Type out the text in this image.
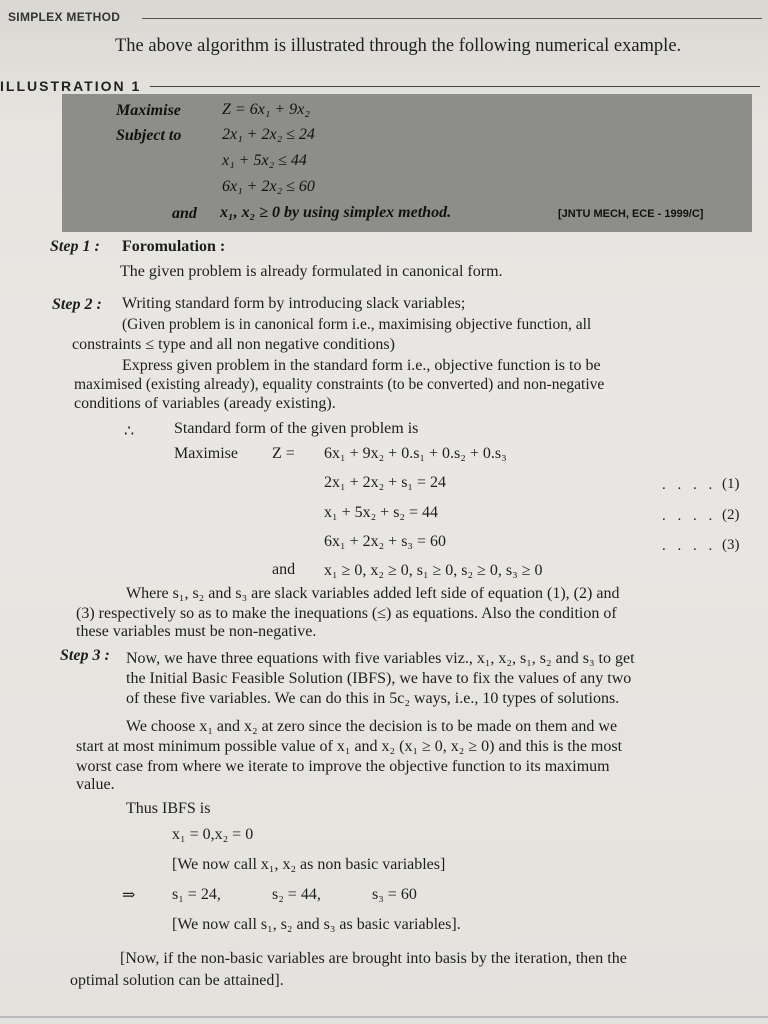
SIMPLEX METHOD
The above algorithm is illustrated through the following numerical example.
ILLUSTRATION 1
Maximise	Z = 6x₁ + 9x₂
Subject to	2x₁ + 2x₂ ≤ 24
x₁ + 5x₂ ≤ 44
6x₁ + 2x₂ ≤ 60
and x₁, x₂ ≥ 0 by using simplex method.	[JNTU MECH, ECE - 1999/C]
Step 1 : Foromulation :
The given problem is already formulated in canonical form.
Step 2 : Writing standard form by introducing slack variables;
(Given problem is in canonical form i.e., maximising objective function, all
constraints ≤ type and all non negative conditions)
Express given problem in the standard form i.e., objective function is to be
maximised (existing already), equality constraints (to be converted) and non-negative
conditions of variables (aready existing).
∴ Standard form of the given problem is
Maximise Z = 6x₁ + 9x₂ + 0.s₁ + 0.s₂ + 0.s₃
2x₁ + 2x₂ + s₁ = 24	. . . . (1)
x₁ + 5x₂ + s₂ = 44	. . . . (2)
6x₁ + 2x₂ + s₃ = 60	. . . . (3)
and x₁ ≥ 0, x₂ ≥ 0, s₁ ≥ 0, s₂ ≥ 0, s₃ ≥ 0
Where s₁, s₂ and s₃ are slack variables added left side of equation (1), (2) and
(3) respectively so as to make the inequations (≤) as equations. Also the condition of
these variables must be non-negative.
Step 3 : Now, we have three equations with five variables viz., x₁, x₂, s₁, s₂ and s₃ to get
the Initial Basic Feasible Solution (IBFS), we have to fix the values of any two
of these five variables. We can do this in 5c₂ ways, i.e., 10 types of solutions.
We choose x₁ and x₂ at zero since the decision is to be made on them and we
start at most minimum possible value of x₁ and x₂ (x₁ ≥ 0, x₂ ≥ 0) and this is the most
worst case from where we iterate to improve the objective function to its maximum
value.
Thus IBFS is
x₁ = 0,x₂ = 0
[We now call x₁, x₂ as non basic variables]
⇒ s₁ = 24,	s₂ = 44,	s₃ = 60
[We now call s₁, s₂ and s₃ as basic variables].
[Now, if the non-basic variables are brought into basis by the iteration, then the
optimal solution can be attained].
